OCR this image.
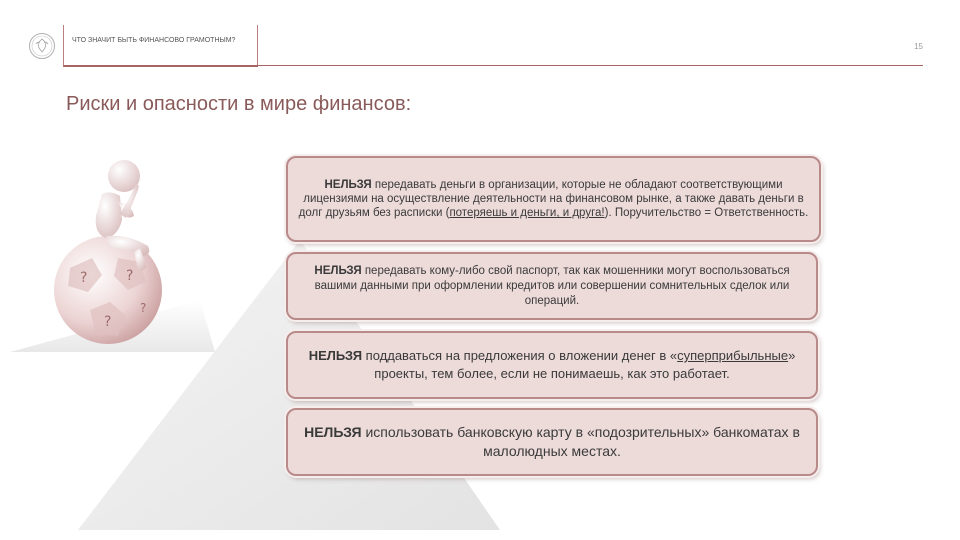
ЧТО ЗНАЧИТ БЫТЬ ФИНАНСОВО ГРАМОТНЫМ?
15
Риски и опасности в мире финансов:
?	?
?
?
НЕЛЬЗЯ передавать деньги в организации, которые не обладают соответствующими лицензиями на осуществление деятельности на финансовом рынке, а также давать деньги в долг друзьям без расписки (потеряешь и деньги, и друга!). Поручительство = Ответственность.
НЕЛЬЗЯ передавать кому-либо свой паспорт, так как мошенники могут воспользоваться вашими данными при оформлении кредитов или совершении сомнительных сделок или операций.
НЕЛЬЗЯ поддаваться на предложения о вложении денег в «суперприбыльные» проекты, тем более, если не понимаешь, как это работает.
НЕЛЬЗЯ использовать банковскую карту в «подозрительных» банкоматах в малолюдных местах.
